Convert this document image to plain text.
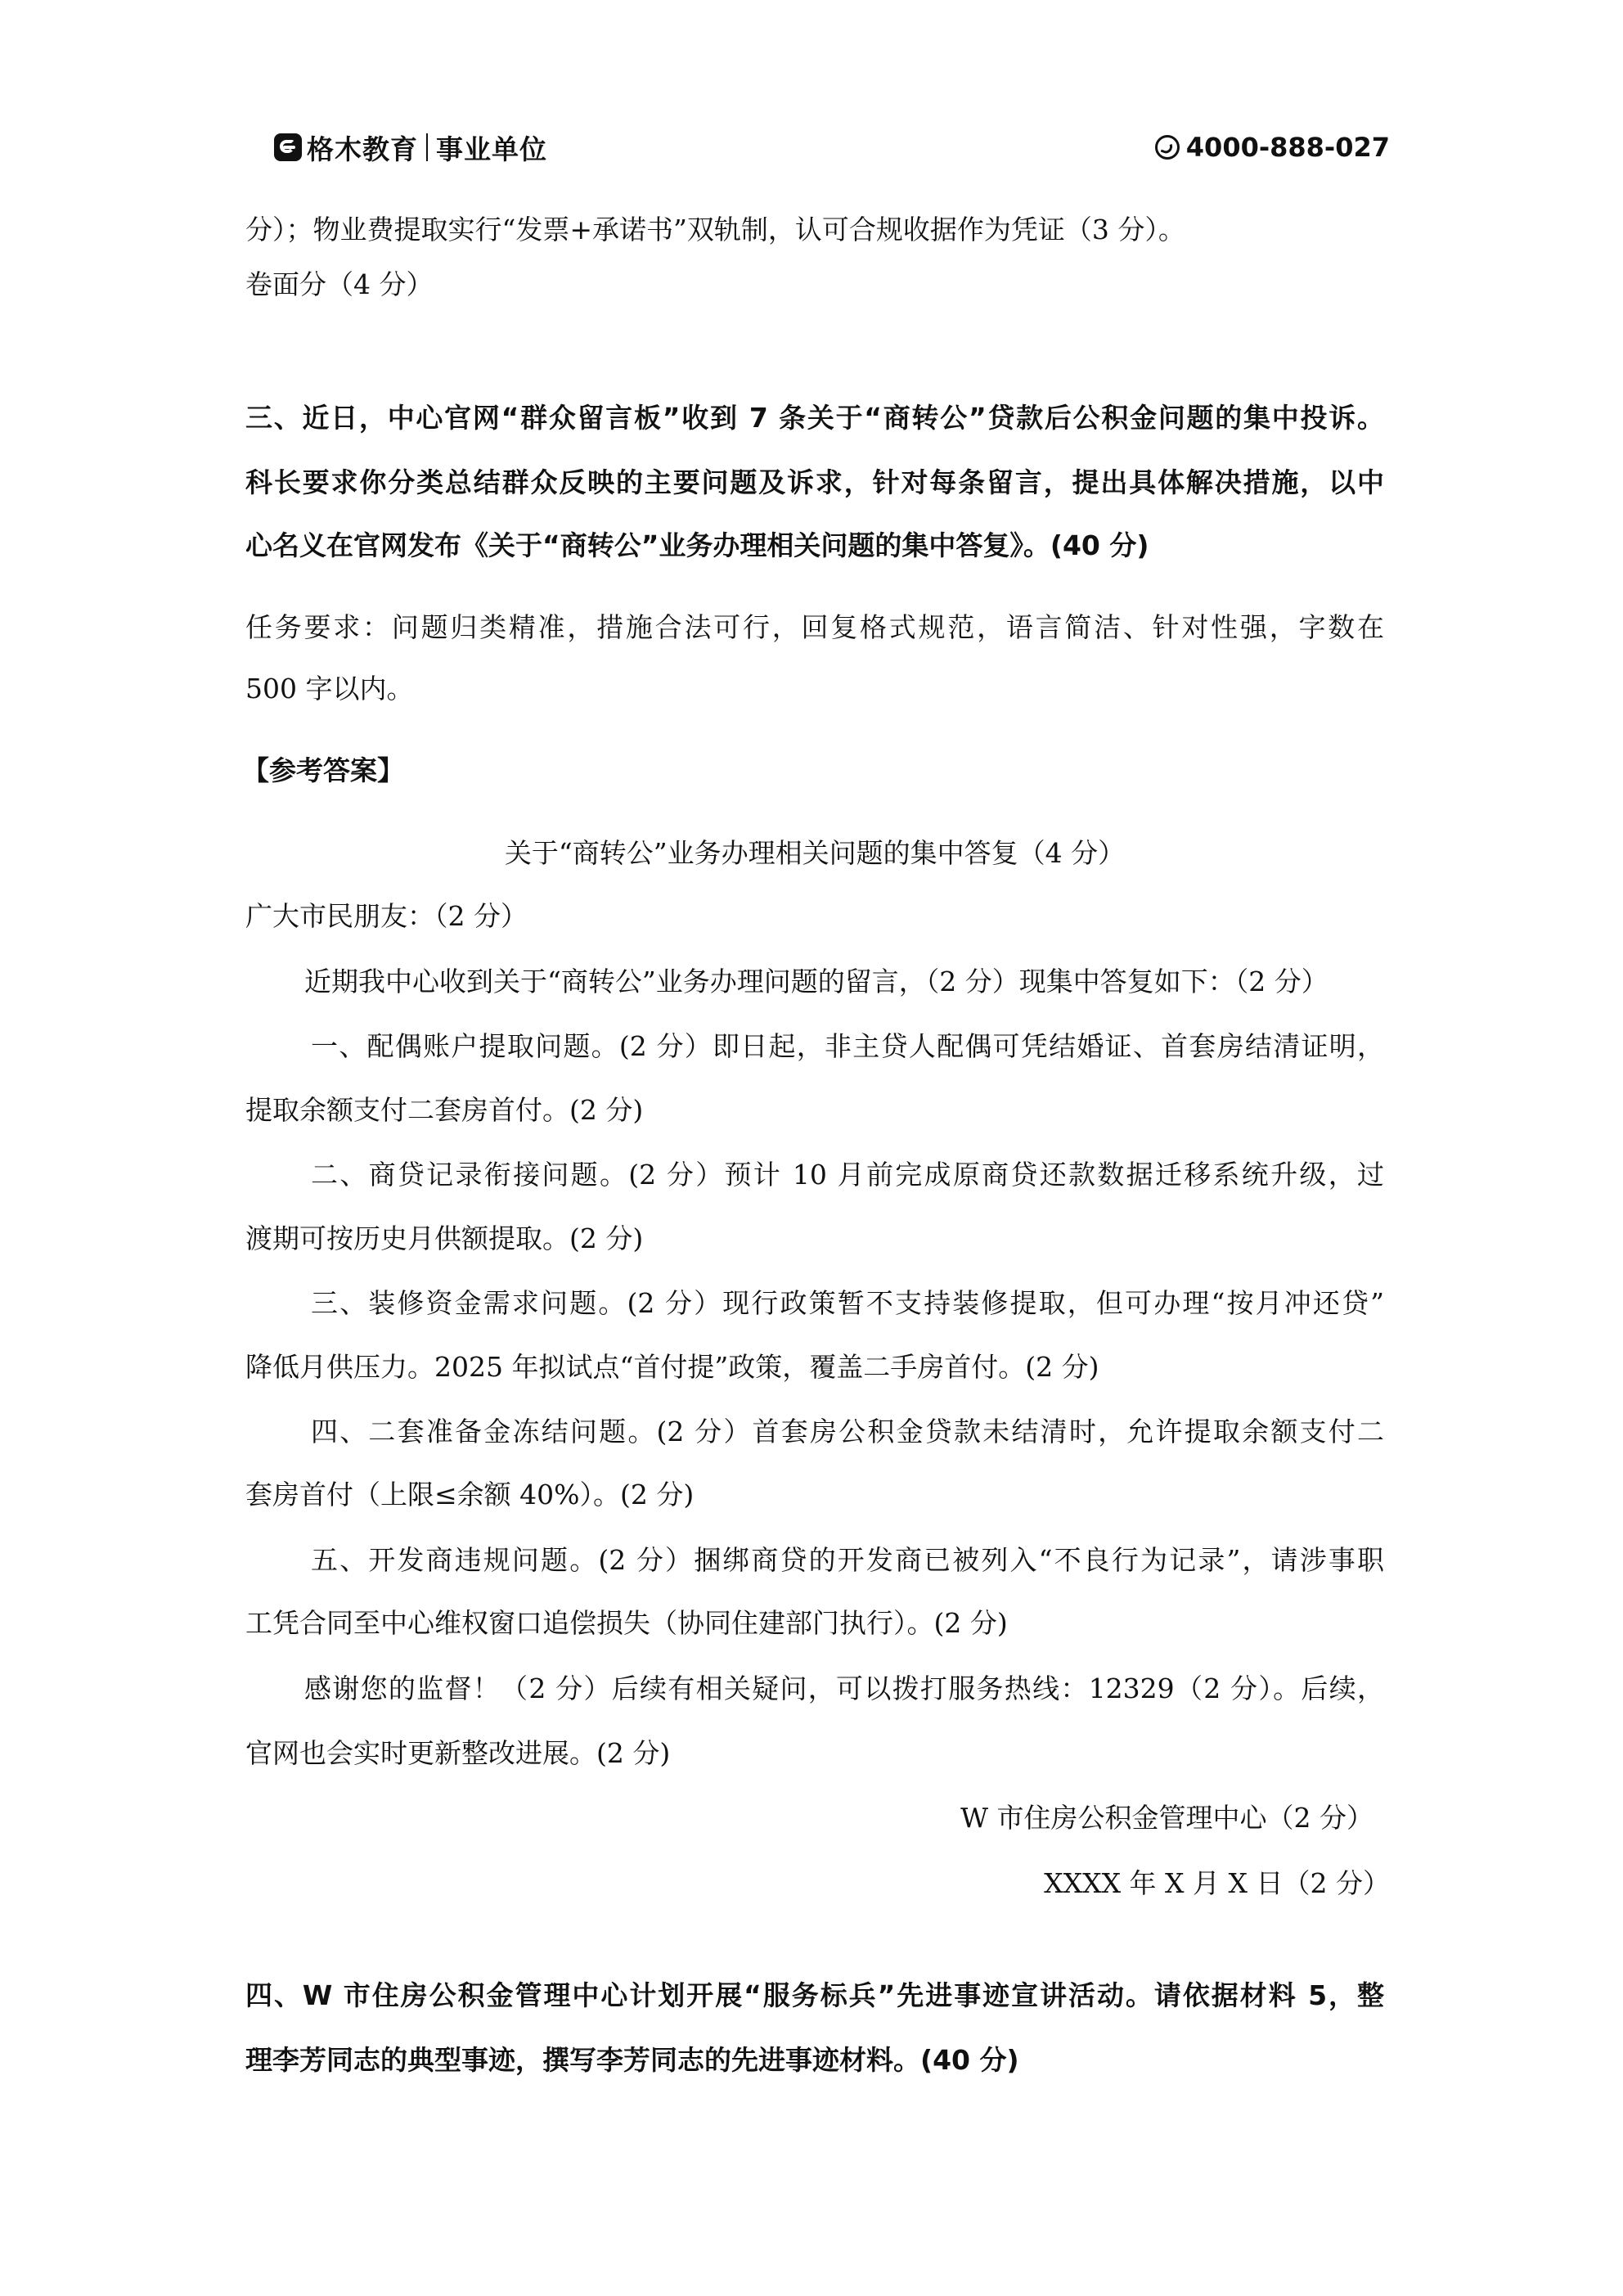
格木教育 事业单位	4000-888-027
分）；物业费提取实行“发票+承诺书”双轨制，认可合规收据作为凭证（3 分）。
卷面分（4 分）
三、近日，中心官网“群众留言板”收到 7 条关于“商转公”贷款后公积金问题的集中投诉。
科长要求你分类总结群众反映的主要问题及诉求，针对每条留言，提出具体解决措施，以中
心名义在官网发布《关于“商转公”业务办理相关问题的集中答复》。(40 分)
任务要求：问题归类精准，措施合法可行，回复格式规范，语言简洁、针对性强，字数在
500 字以内。
【参考答案】
关于“商转公”业务办理相关问题的集中答复（4 分）
广大市民朋友：（2 分）
近期我中心收到关于“商转公”业务办理问题的留言，（2 分）现集中答复如下：（2 分）
一、配偶账户提取问题。(2 分）即日起，非主贷人配偶可凭结婚证、首套房结清证明，
提取余额支付二套房首付。(2 分)
二、商贷记录衔接问题。(2 分）预计 10 月前完成原商贷还款数据迁移系统升级，过
渡期可按历史月供额提取。(2 分)
三、装修资金需求问题。(2 分）现行政策暂不支持装修提取，但可办理“按月冲还贷”
降低月供压力。2025 年拟试点“首付提”政策，覆盖二手房首付。(2 分)
四、二套准备金冻结问题。(2 分）首套房公积金贷款未结清时，允许提取余额支付二
套房首付（上限≤余额 40%）。(2 分)
五、开发商违规问题。(2 分）捆绑商贷的开发商已被列入“不良行为记录”，请涉事职
工凭合同至中心维权窗口追偿损失（协同住建部门执行）。(2 分)
感谢您的监督！（2 分）后续有相关疑问，可以拨打服务热线：12329（2 分）。后续，
官网也会实时更新整改进展。(2 分)
W 市住房公积金管理中心（2 分）
XXXX 年 X 月 X 日（2 分）
四、W 市住房公积金管理中心计划开展“服务标兵”先进事迹宣讲活动。请依据材料 5，整
理李芳同志的典型事迹，撰写李芳同志的先进事迹材料。(40 分)
